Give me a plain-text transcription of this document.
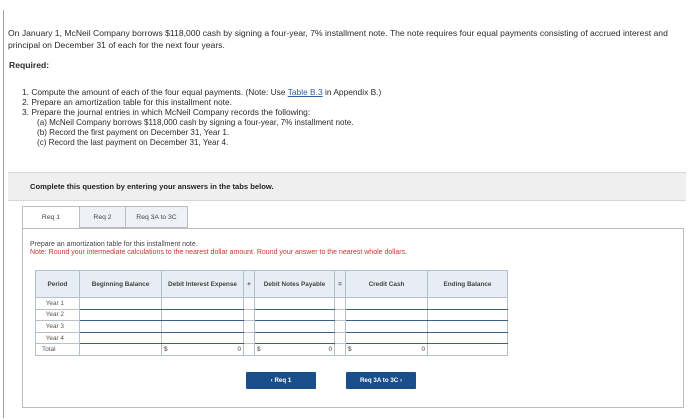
On January 1, McNeil Company borrows $118,000 cash by signing a four-year, 7% installment note. The note requires four equal payments consisting of accrued interest and principal on December 31 of each for the next four years.
Required:
1. Compute the amount of each of the four equal payments. (Note: Use Table B.3 in Appendix B.)
2. Prepare an amortization table for this installment note.
3. Prepare the journal entries in which McNeil Company records the following:
(a) McNeil Company borrows $118,000 cash by signing a four-year, 7% installment note.
(b) Record the first payment on December 31, Year 1.
(c) Record the last payment on December 31, Year 4.
Complete this question by entering your answers in the tabs below.
Req 1	Req 2	Req 3A to 3C
Prepare an amortization table for this installment note.
Note: Round your intermediate calculations to the nearest dollar amount. Round your answer to the nearest whole dollars.
Period	Beginning Balance	Debit Interest Expense	+	Debit Notes Payable	=	Credit Cash	Ending Balance
Year 1							
Year 2							
Year 3							
Year 4							
Total		$ 0		$ 0		$ 0	

‹ Req 1	Req 3A to 3C ›
